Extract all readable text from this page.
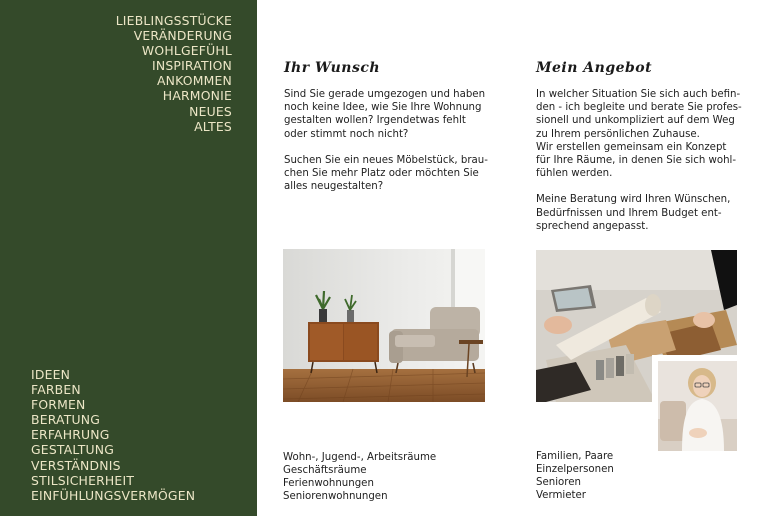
LIEBLINGSSTÜCKE
VERÄNDERUNG
WOHLGEFÜHL
INSPIRATION
ANKOMMEN
HARMONIE
NEUES
ALTES
IDEEN
FARBEN
FORMEN
BERATUNG
ERFAHRUNG
GESTALTUNG
VERSTÄNDNIS
STILSICHERHEIT
EINFÜHLUNGSVERMÖGEN
Ihr Wunsch

Sind Sie gerade umgezogen und haben
noch keine Idee, wie Sie Ihre Wohnung
gestalten wollen? Irgendetwas fehlt
oder stimmt noch nicht?

Suchen Sie ein neues Möbelstück, brau-
chen Sie mehr Platz oder möchten Sie
alles neugestalten?

Mein Angebot

In welcher Situation Sie sich auch befin-
den - ich begleite und berate Sie profes-
sionell und unkompliziert auf dem Weg
zu Ihrem persönlichen Zuhause.
Wir erstellen gemeinsam ein Konzept
für Ihre Räume, in denen Sie sich wohl-
fühlen werden.

Meine Beratung wird Ihren Wünschen,
Bedürfnissen und Ihrem Budget ent-
sprechend angepasst.

Wohn-, Jugend-, Arbeitsräume
Geschäftsräume
Ferienwohnungen
Seniorenwohnungen
Familien, Paare
Einzelpersonen
Senioren
Vermieter
